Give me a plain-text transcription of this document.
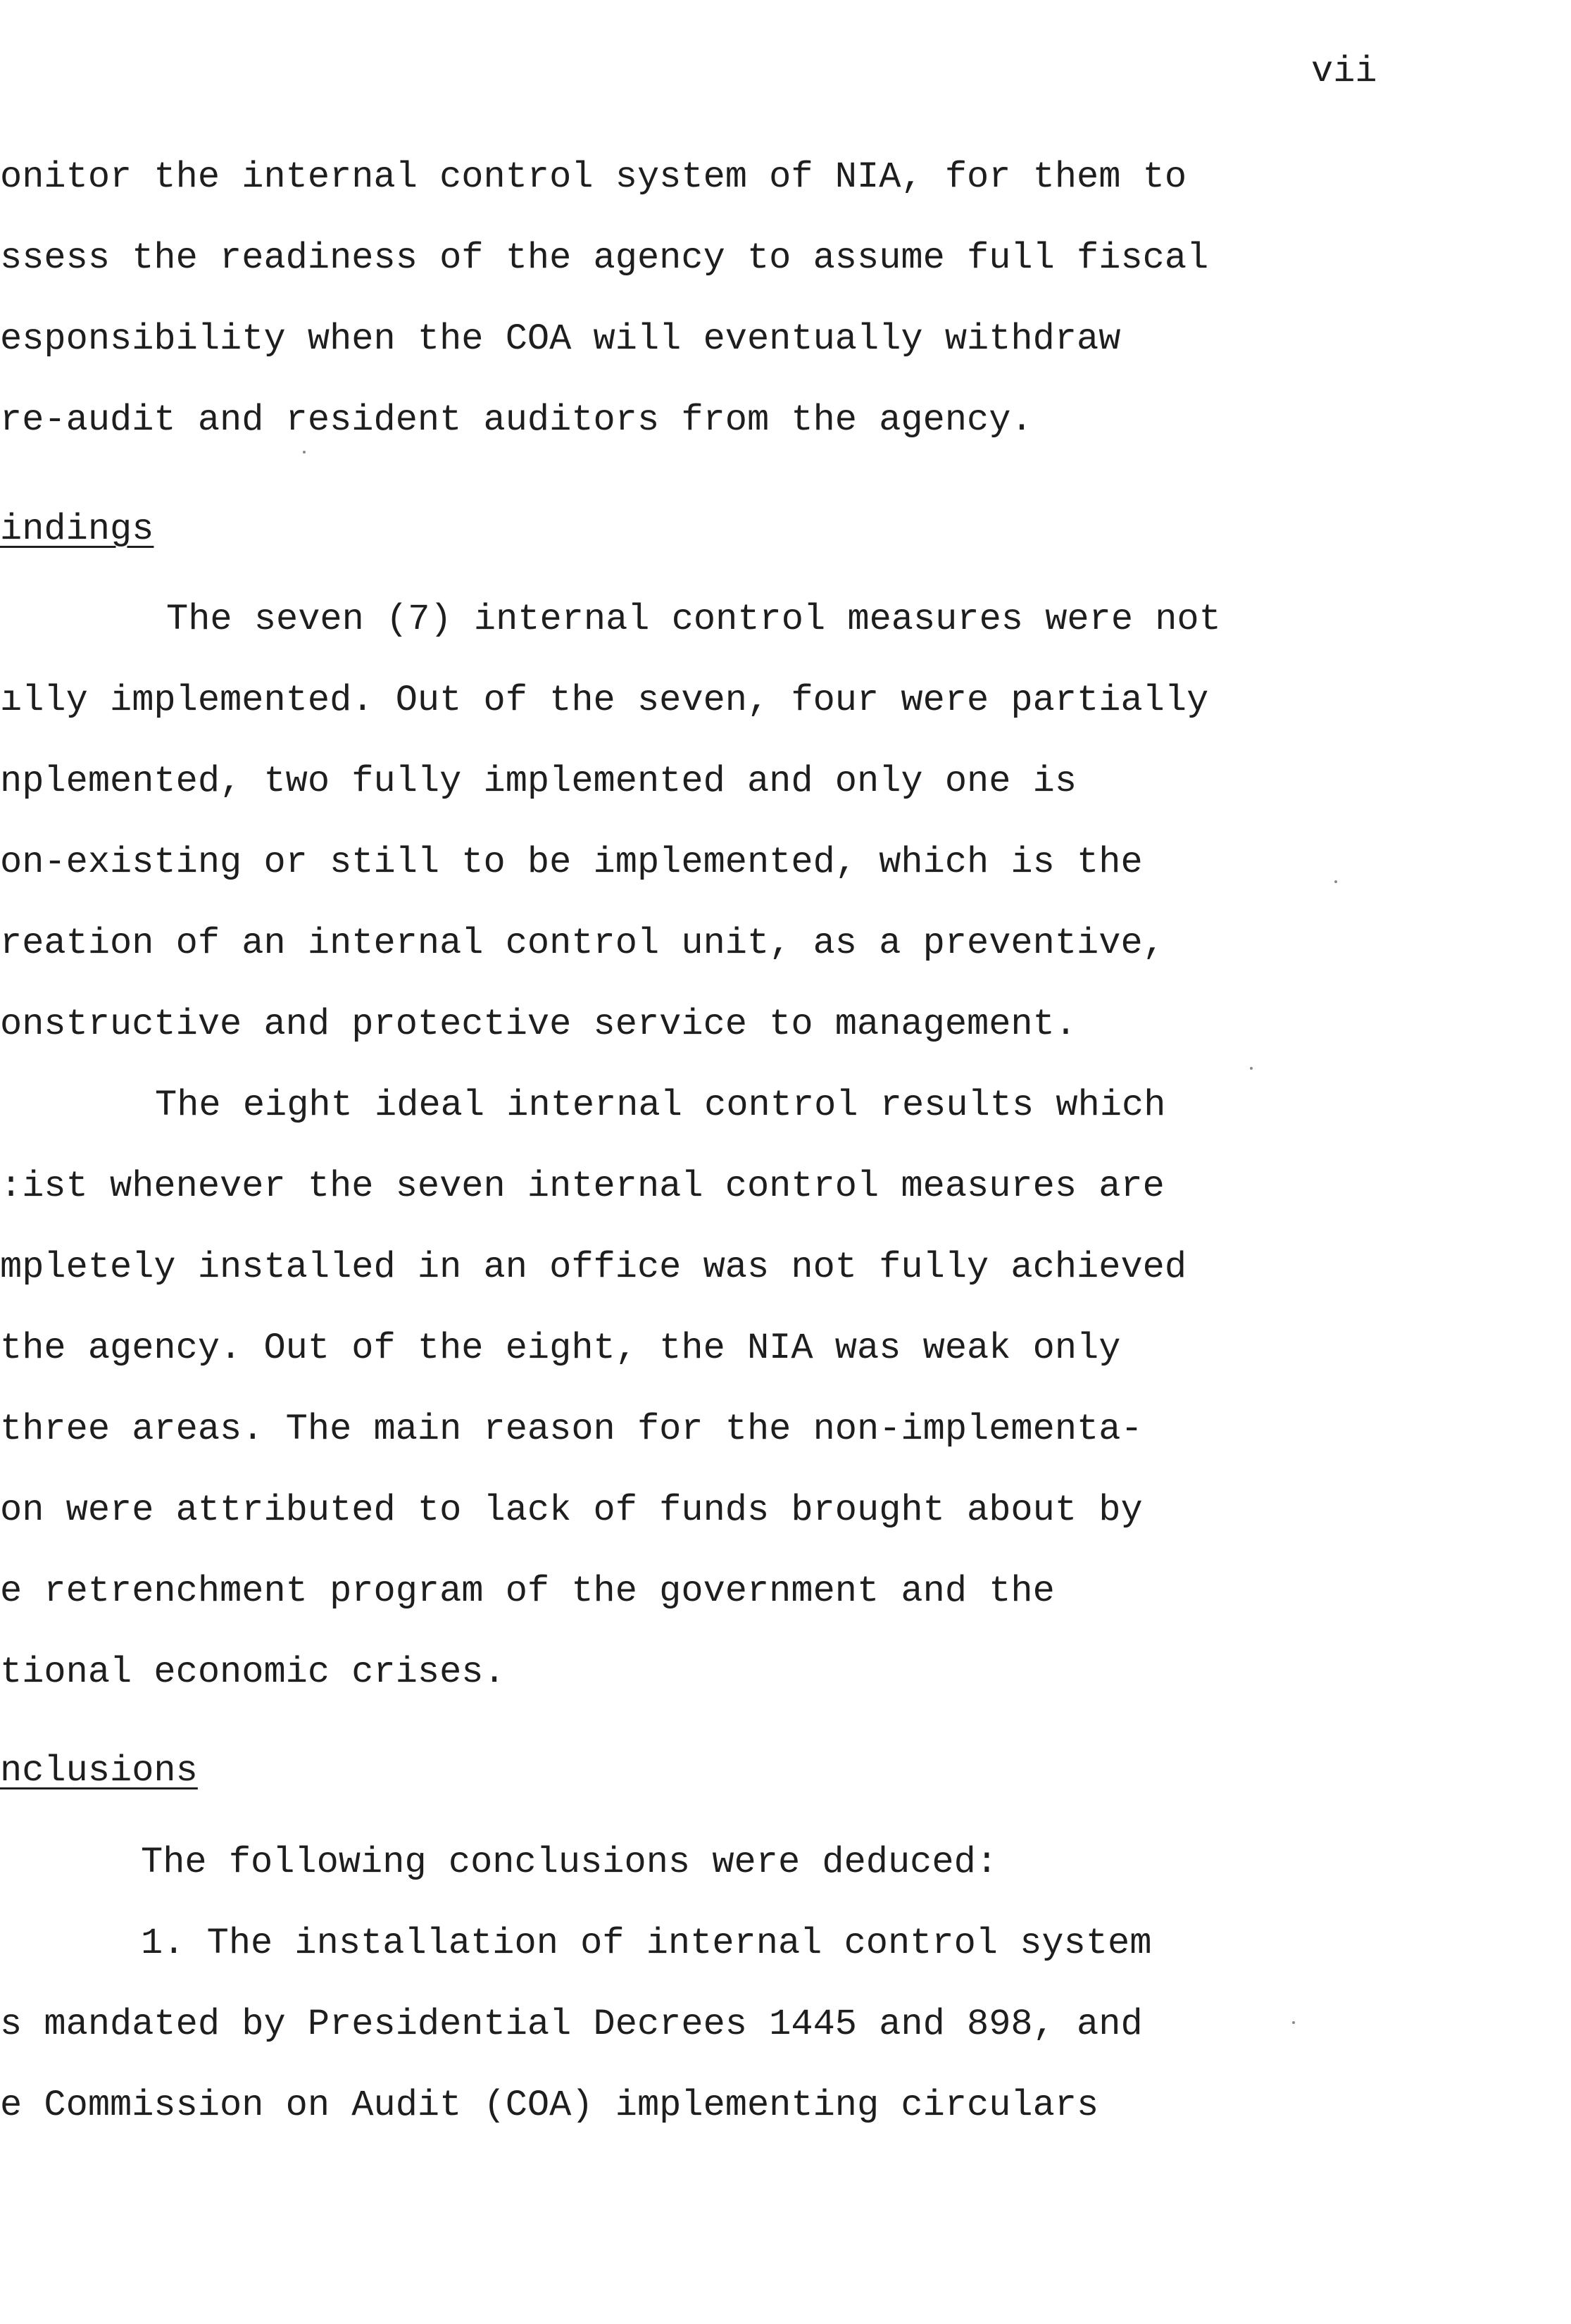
vii
onitor the internal control system of NIA, for them to
ssess the readiness of the agency to assume full fiscal
esponsibility when the COA will eventually withdraw
re-audit and resident auditors from the agency.
indings
The seven (7) internal control measures were not
ılly implemented. Out of the seven, four were partially
nplemented, two fully implemented and only one is
on-existing or still to be implemented, which is the
reation of an internal control unit, as a preventive,
onstructive and protective service to management.
The eight ideal internal control results which
:ist whenever the seven internal control measures are
mpletely installed in an office was not fully achieved
the agency. Out of the eight, the NIA was weak only
three areas. The main reason for the non-implementa-
on were attributed to lack of funds brought about by
e retrenchment program of the government and the
tional economic crises.
nclusions
The following conclusions were deduced:
1. The installation of internal control system
s mandated by Presidential Decrees 1445 and 898, and
e Commission on Audit (COA) implementing circulars
